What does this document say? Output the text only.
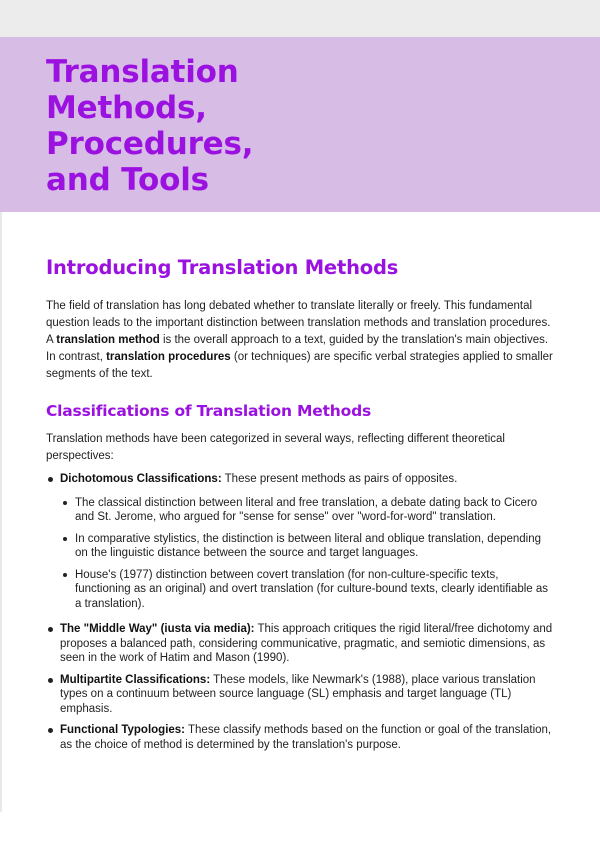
Translation
Methods,
Procedures,
and Tools
Introducing Translation Methods

The field of translation has long debated whether to translate literally or freely. This fundamental question leads to the important distinction between translation methods and translation procedures. A translation method is the overall approach to a text, guided by the translation's main objectives. In contrast, translation procedures (or techniques) are specific verbal strategies applied to smaller segments of the text.

Classifications of Translation Methods

Translation methods have been categorized in several ways, reflecting different theoretical perspectives:

Dichotomous Classifications: These present methods as pairs of opposites.
The classical distinction between literal and free translation, a debate dating back to Cicero and St. Jerome, who argued for "sense for sense" over "word-for-word" translation.
In comparative stylistics, the distinction is between literal and oblique translation, depending on the linguistic distance between the source and target languages.
House's (1977) distinction between covert translation (for non-culture-specific texts, functioning as an original) and overt translation (for culture-bound texts, clearly identifiable as a translation).
The "Middle Way" (iusta via media): This approach critiques the rigid literal/free dichotomy and proposes a balanced path, considering communicative, pragmatic, and semiotic dimensions, as seen in the work of Hatim and Mason (1990).
Multipartite Classifications: These models, like Newmark's (1988), place various translation types on a continuum between source language (SL) emphasis and target language (TL) emphasis.
Functional Typologies: These classify methods based on the function or goal of the translation, as the choice of method is determined by the translation's purpose.
